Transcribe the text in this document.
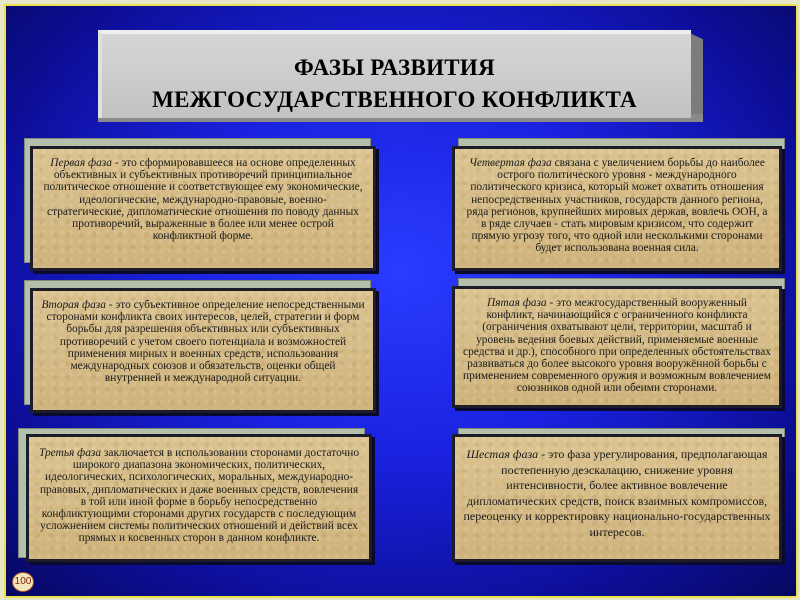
ФАЗЫ РАЗВИТИЯ
МЕЖГОСУДАРСТВЕННОГО КОНФЛИКТА
Первая фаза - это сформировавшееся на основе определенных объективных и субъективных противоречий принципиальное политическое отношение и соответствующее ему экономические, идеологические, международно-правовые, военно-стратегические, дипломатические отношения по поводу данных противоречий, выраженные в более или менее острой конфликтной форме.
Вторая фаза - это субъективное определение непосредственными сторонами конфликта своих интересов, целей, стратегии и форм борьбы для разрешения объективных или субъективных противоречий с учетом своего потенциала и возможностей применения мирных и военных средств, использования международных союзов и обязательств, оценки общей внутренней и международной ситуации.
Третья фаза заключается в использовании сторонами достаточно широкого диапазона экономических, политических, идеологических, психологических, моральных, международно-правовых, дипломатических и даже военных средств, вовлечения в той или иной форме в борьбу непосредственно конфликтующими сторонами других государств с последующим усложнением системы политических отношений и действий всех прямых и косвенных сторон в данном конфликте.
Четвертая фаза связана с увеличением борьбы до наиболее острого политического уровня - международного политического кризиса, который может охватить отношения непосредственных участников, государств данного региона, ряда регионов, крупнейших мировых держав, вовлечь ООН, а в ряде случаев - стать мировым кризисом, что содержит прямую угрозу того, что одной или несколькими сторонами будет использована военная сила.
Пятая фаза - это межгосударственный вооруженный конфликт, начинающийся с ограниченного конфликта (ограничения охватывают цели, территории, масштаб и уровень ведения боевых действий, применяемые военные средства и др.), способного при определенных обстоятельствах развиваться до более высокого уровня вооружённой борьбы с применением современного оружия и возможным вовлечением союзников одной или обеими сторонами.
Шестая фаза - это фаза урегулирования, предполагающая постепенную деэскалацию, снижение уровня интенсивности, более активное вовлечение дипломатических средств, поиск взаимных компромиссов, переоценку и корректировку национально-государственных интересов.
100
